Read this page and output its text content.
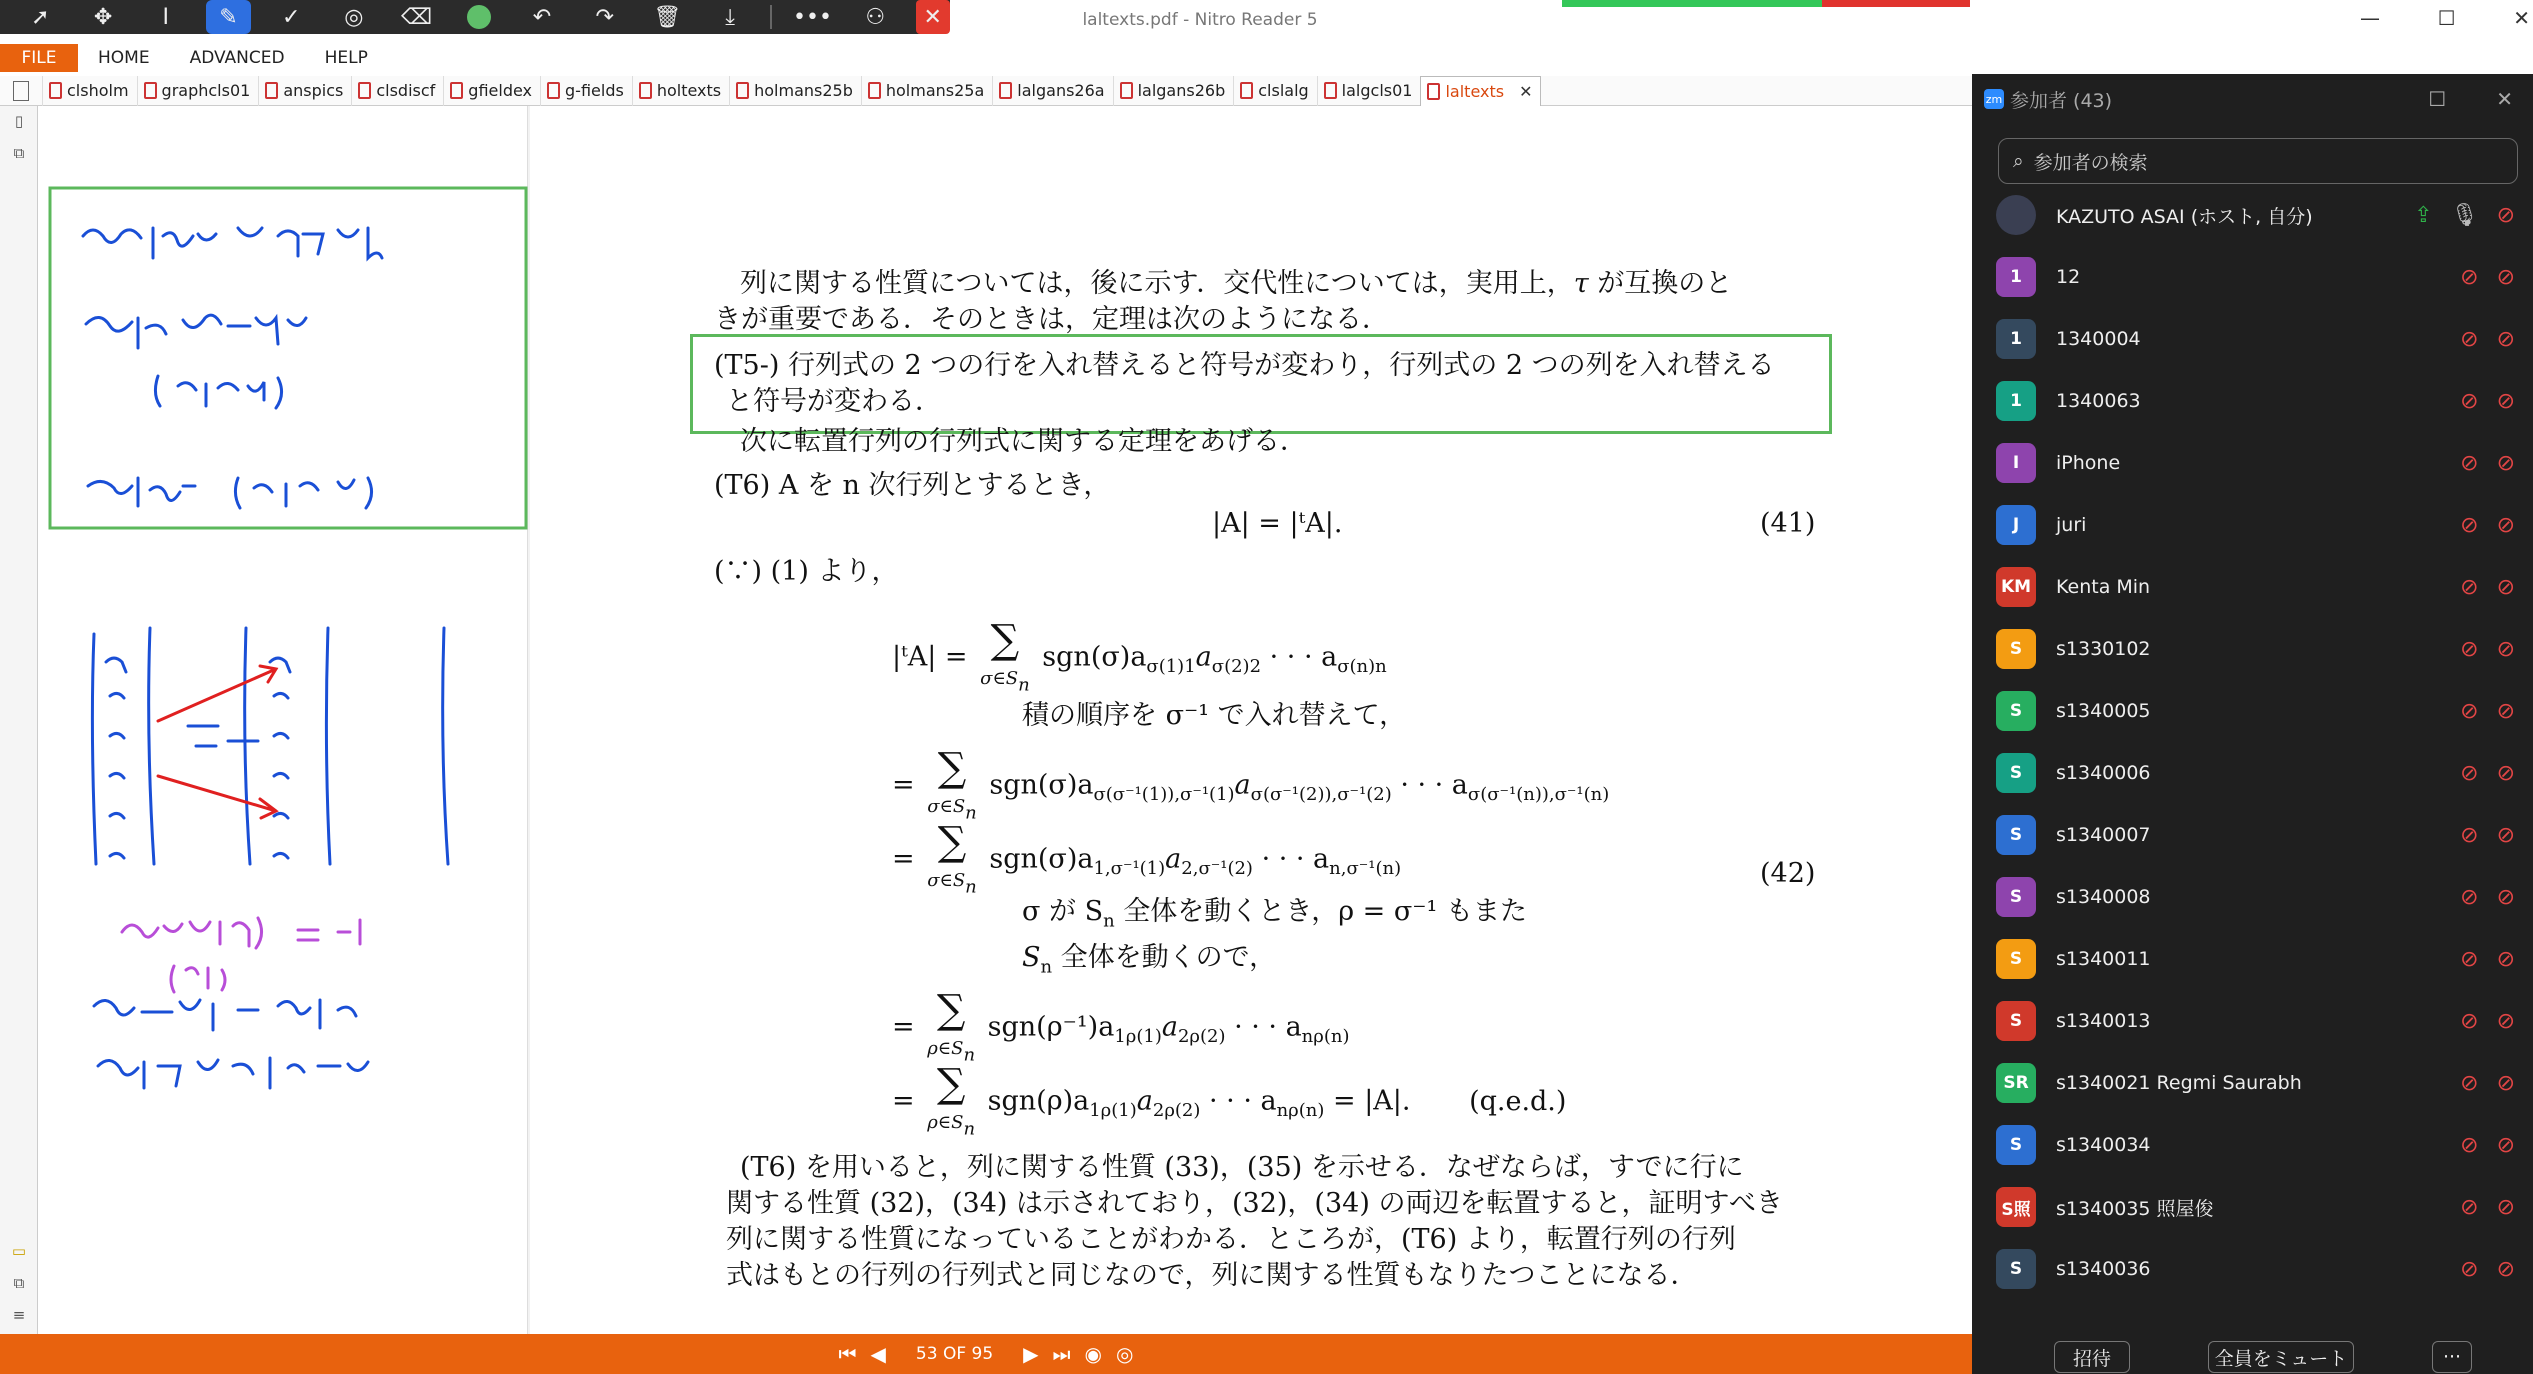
➚	✥	I	✎	✓	◎	⌫	↶	↷	🗑	⤓	•••	⚇	✕	laltexts.pdf - Nitro Reader 5	—	☐	✕
FILE	HOME	ADVANCED	HELP
clsholm graphcls01 anspics clsdiscf gfieldex g-fields holtexts holmans25b holmans25a lalgans26a lalgans26b clslalg lalgcls01 laltexts ✕
▯
⧉
▭
⧉
≡
列に関する性質については，後に示す．交代性については，実用上，τ が互換のと
きが重要である．そのときは，定理は次のようになる．
(T5-) 行列式の 2 つの行を入れ替えると符号が変わり，行列式の 2 つの列を入れ替える
と符号が変わる．
次に転置行列の行列式に関する定理をあげる．
(T6) A を n 次行列とするとき，
|A| = |ᵗA|.	(41)
(∵) (1) より，
|ᵗA| = ∑
$\sigma\in S_n$ $sgn(\sigma)a_{\sigma(1)1}a_{\sigma(2)2}$ · · · $a_{\sigma(n)n}$
積の順序を σ⁻¹ で入れ替えて，
= ∑
$\sigma\in S_n$ $sgn(\sigma)a_{\sigma(\sigma^{-1}(1)),\sigma^{-1}(1)}a_{\sigma(\sigma^{-1}(2)),\sigma^{-1}(2)}$ · · · $a_{\sigma(\sigma^{-1}(n)),\sigma^{-1}(n)}$
= ∑
$\sigma\in S_n$ $sgn(\sigma)a_{1,\sigma^{-1}(1)}a_{2,\sigma^{-1}(2)}$ · · · $a_{n,\sigma^{-1}(n)}$	(42)
σ が $S_n$ 全体を動くとき，ρ = σ⁻¹ もまた
$S_n$ 全体を動くので，
= ∑
$\rho\in S_n$ $sgn(\rho^{-1})a_{1\rho(1)}a_{2\rho(2)}$ · · · $a_{n\rho(n)}$
= ∑
$\rho\in S_n$ $sgn(\rho)a_{1\rho(1)}a_{2\rho(2)}$ · · · $a_{n\rho(n)} = |A|$. (q.e.d.)
(T6) を用いると，列に関する性質 (33)，(35) を示せる．なぜならば，すでに行に
関する性質 (32)，(34) は示されており，(32)，(34) の両辺を転置すると，証明すべき
列に関する性質になっていることがわかる．ところが，(T6) より，転置行列の行列
式はもとの行列の行列式と同じなので，列に関する性質もなりたつことになる．
⏮ ◀ 53 OF 95 ▶ ⏭ ◉ ◎
zm 参加者 (43)	☐	✕
⌕ 参加者の検索
KAZUTO ASAI (ホスト, 自分)	⇪ 🎙 ⊘
1	12	⊘ ⊘
1	1340004	⊘ ⊘
1	1340063	⊘ ⊘
I	iPhone	⊘ ⊘
J	juri	⊘ ⊘
KM Kenta Min	⊘ ⊘
S	s1330102	⊘ ⊘
S	s1340005	⊘ ⊘
S	s1340006	⊘ ⊘
S	s1340007	⊘ ⊘
S	s1340008	⊘ ⊘
S	s1340011	⊘ ⊘
S	s1340013	⊘ ⊘
SR	s1340021 Regmi Saurabh	⊘ ⊘
S	s1340034	⊘ ⊘
S照 s1340035 照屋俊	⊘ ⊘
S	s1340036	⊘ ⊘
招待	全員をミュート	···
